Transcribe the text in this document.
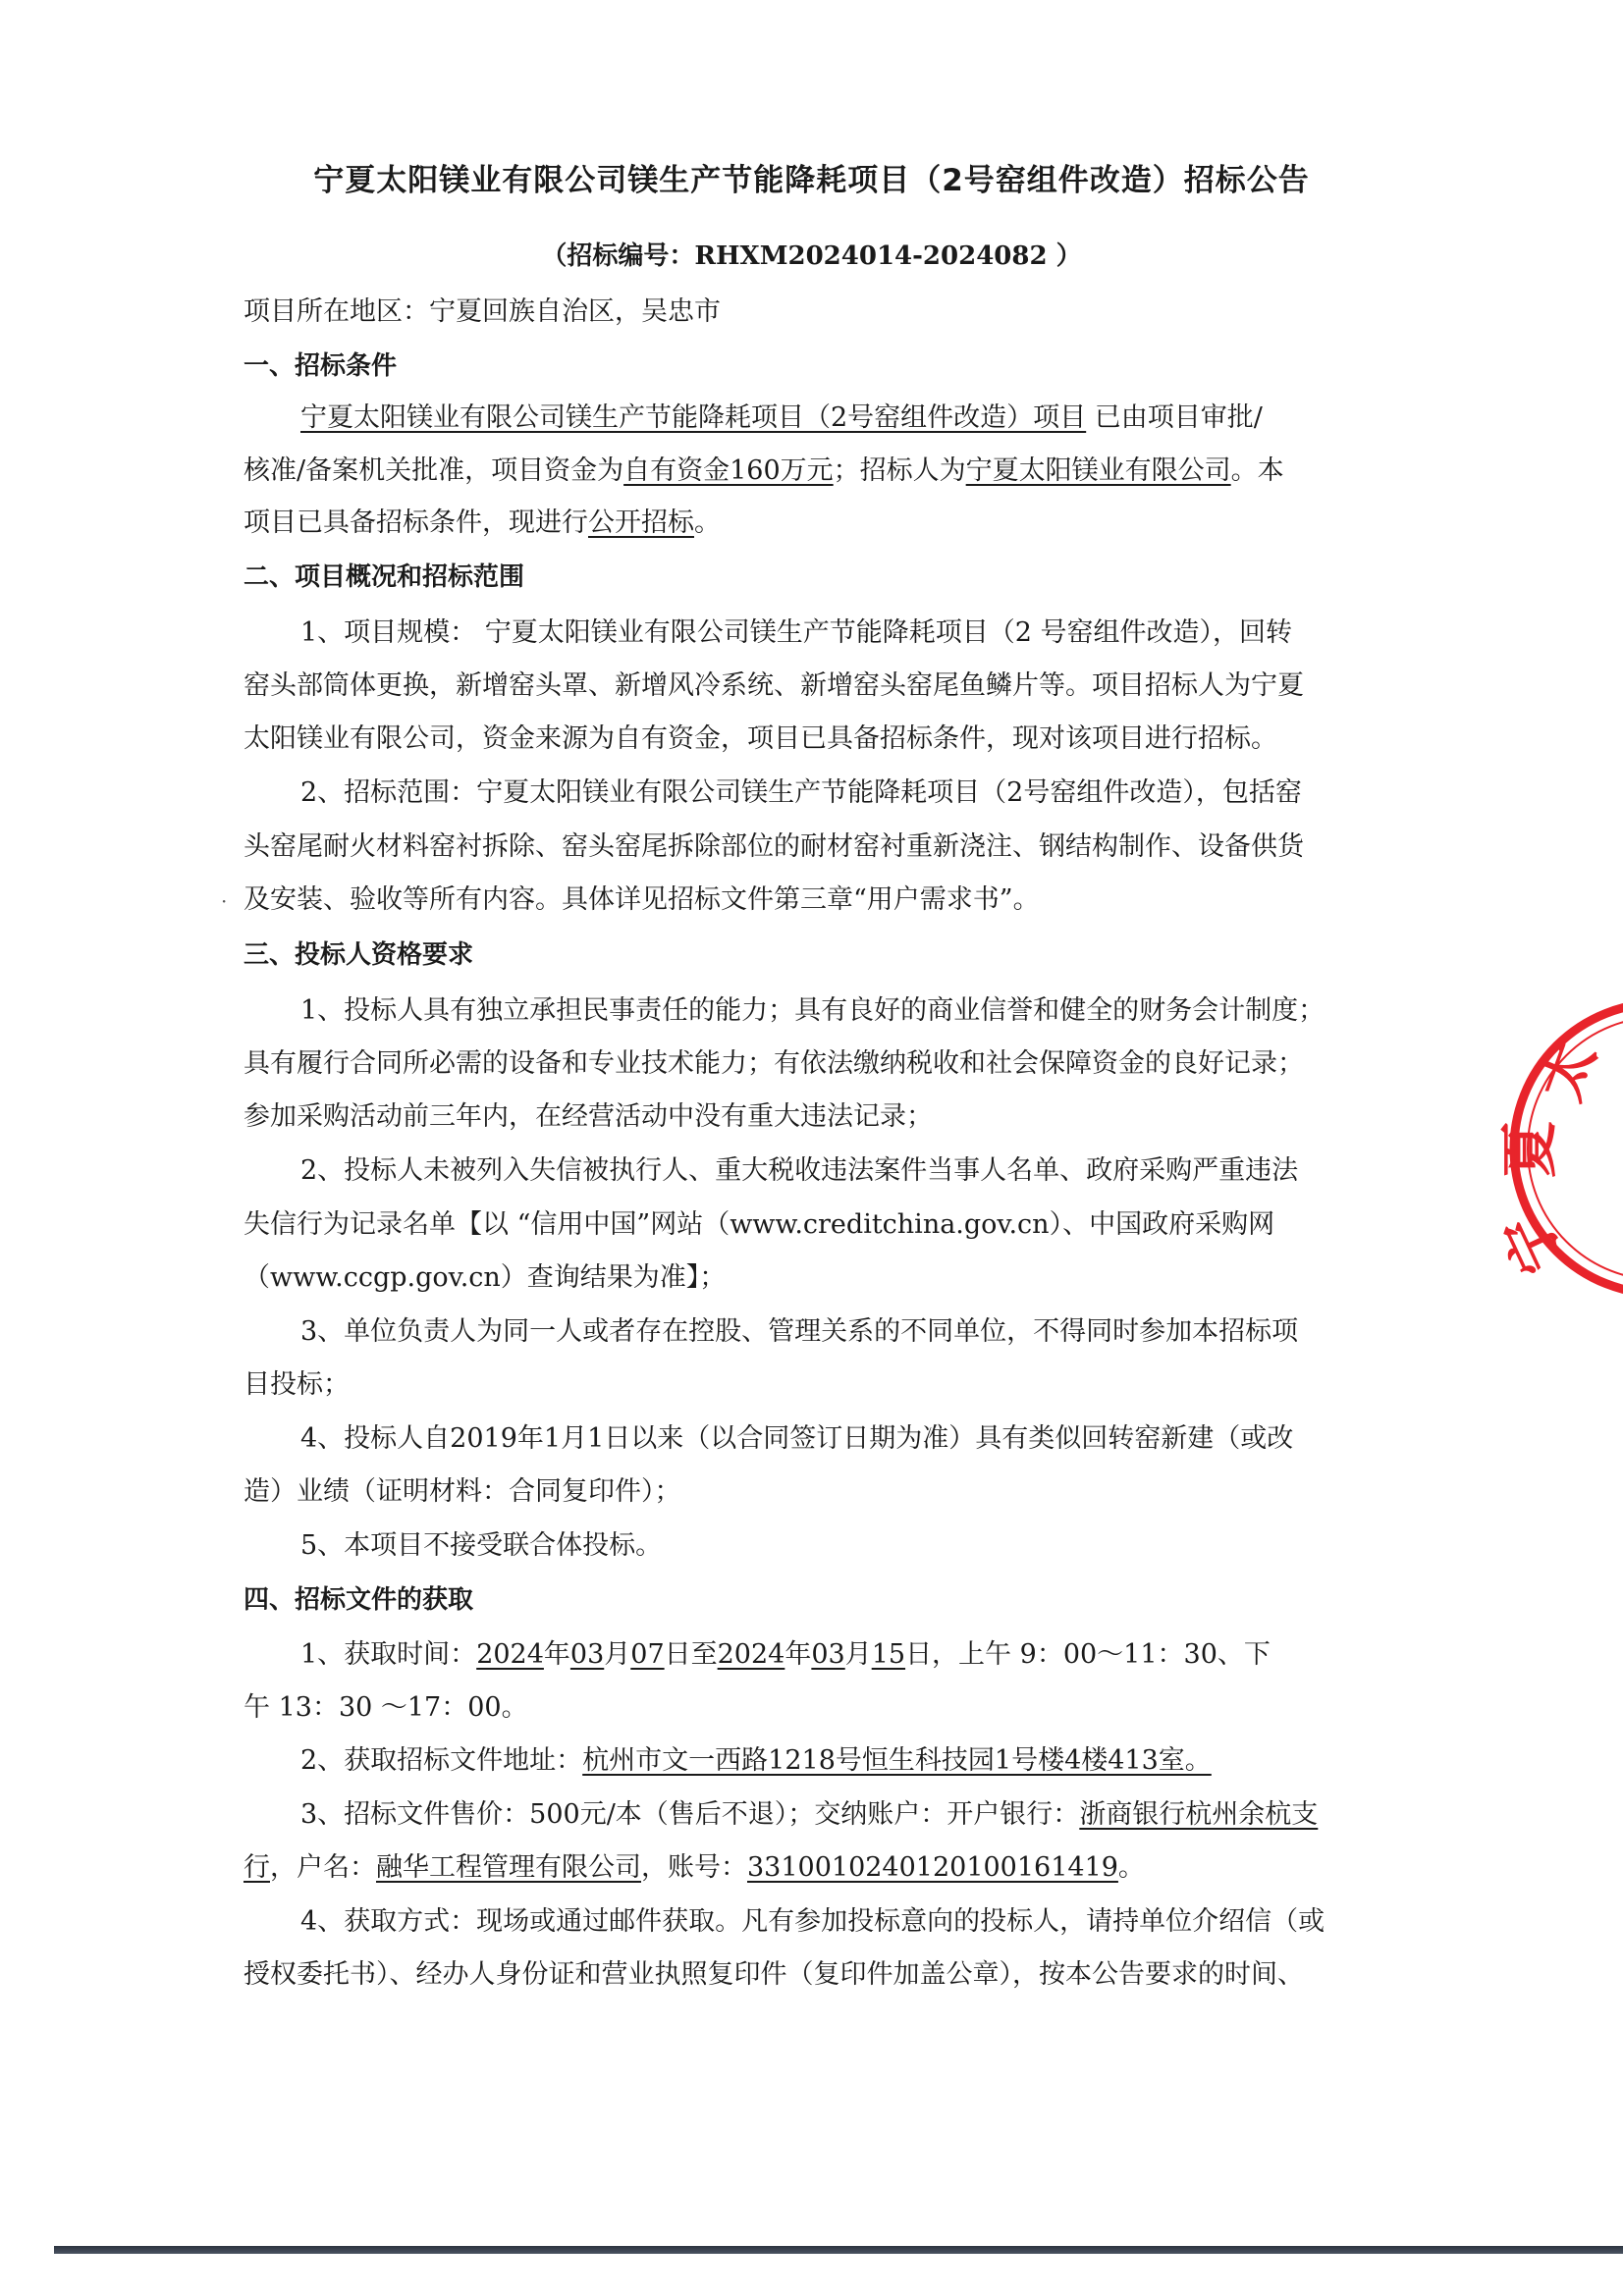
宁夏太阳镁业有限公司镁生产节能降耗项目（2号窑组件改造）招标公告
（招标编号：RHXM2024014-2024082 ）
项目所在地区：宁夏回族自治区，吴忠市
一、招标条件
宁夏太阳镁业有限公司镁生产节能降耗项目（2号窑组件改造）项目 已由项目审批/
核准/备案机关批准，项目资金为自有资金160万元；招标人为宁夏太阳镁业有限公司。本
项目已具备招标条件，现进行公开招标。
二、项目概况和招标范围
1、项目规模： 宁夏太阳镁业有限公司镁生产节能降耗项目（2 号窑组件改造），回转
窑头部筒体更换，新增窑头罩、新增风冷系统、新增窑头窑尾鱼鳞片等。项目招标人为宁夏
太阳镁业有限公司，资金来源为自有资金，项目已具备招标条件，现对该项目进行招标。
2、招标范围：宁夏太阳镁业有限公司镁生产节能降耗项目（2号窑组件改造），包括窑
头窑尾耐火材料窑衬拆除、窑头窑尾拆除部位的耐材窑衬重新浇注、钢结构制作、设备供货
及安装、验收等所有内容。具体详见招标文件第三章“用户需求书”。
·
三、投标人资格要求
1、投标人具有独立承担民事责任的能力；具有良好的商业信誉和健全的财务会计制度；
具有履行合同所必需的设备和专业技术能力；有依法缴纳税收和社会保障资金的良好记录；
参加采购活动前三年内，在经营活动中没有重大违法记录；
2、投标人未被列入失信被执行人、重大税收违法案件当事人名单、政府采购严重违法
失信行为记录名单【以 “信用中国”网站（www.creditchina.gov.cn）、中国政府采购网
（www.ccgp.gov.cn）查询结果为准】；
3、单位负责人为同一人或者存在控股、管理关系的不同单位，不得同时参加本招标项
目投标；
4、投标人自2019年1月1日以来（以合同签订日期为准）具有类似回转窑新建（或改
造）业绩（证明材料：合同复印件）；
5、本项目不接受联合体投标。
四、招标文件的获取
1、获取时间：2024年03月07日至2024年03月15日，上午 9：00～11：30、下
午 13：30 ～17：00。
2、获取招标文件地址：杭州市文一西路1218号恒生科技园1号楼4楼413室。
3、招标文件售价：500元/本（售后不退）；交纳账户：开户银行：浙商银行杭州余杭支
行，户名：融华工程管理有限公司，账号：3310010240120100161419。
4、获取方式：现场或通过邮件获取。凡有参加投标意向的投标人，请持单位介绍信（或
授权委托书）、经办人身份证和营业执照复印件（复印件加盖公章），按本公告要求的时间、
太
夏
宁
